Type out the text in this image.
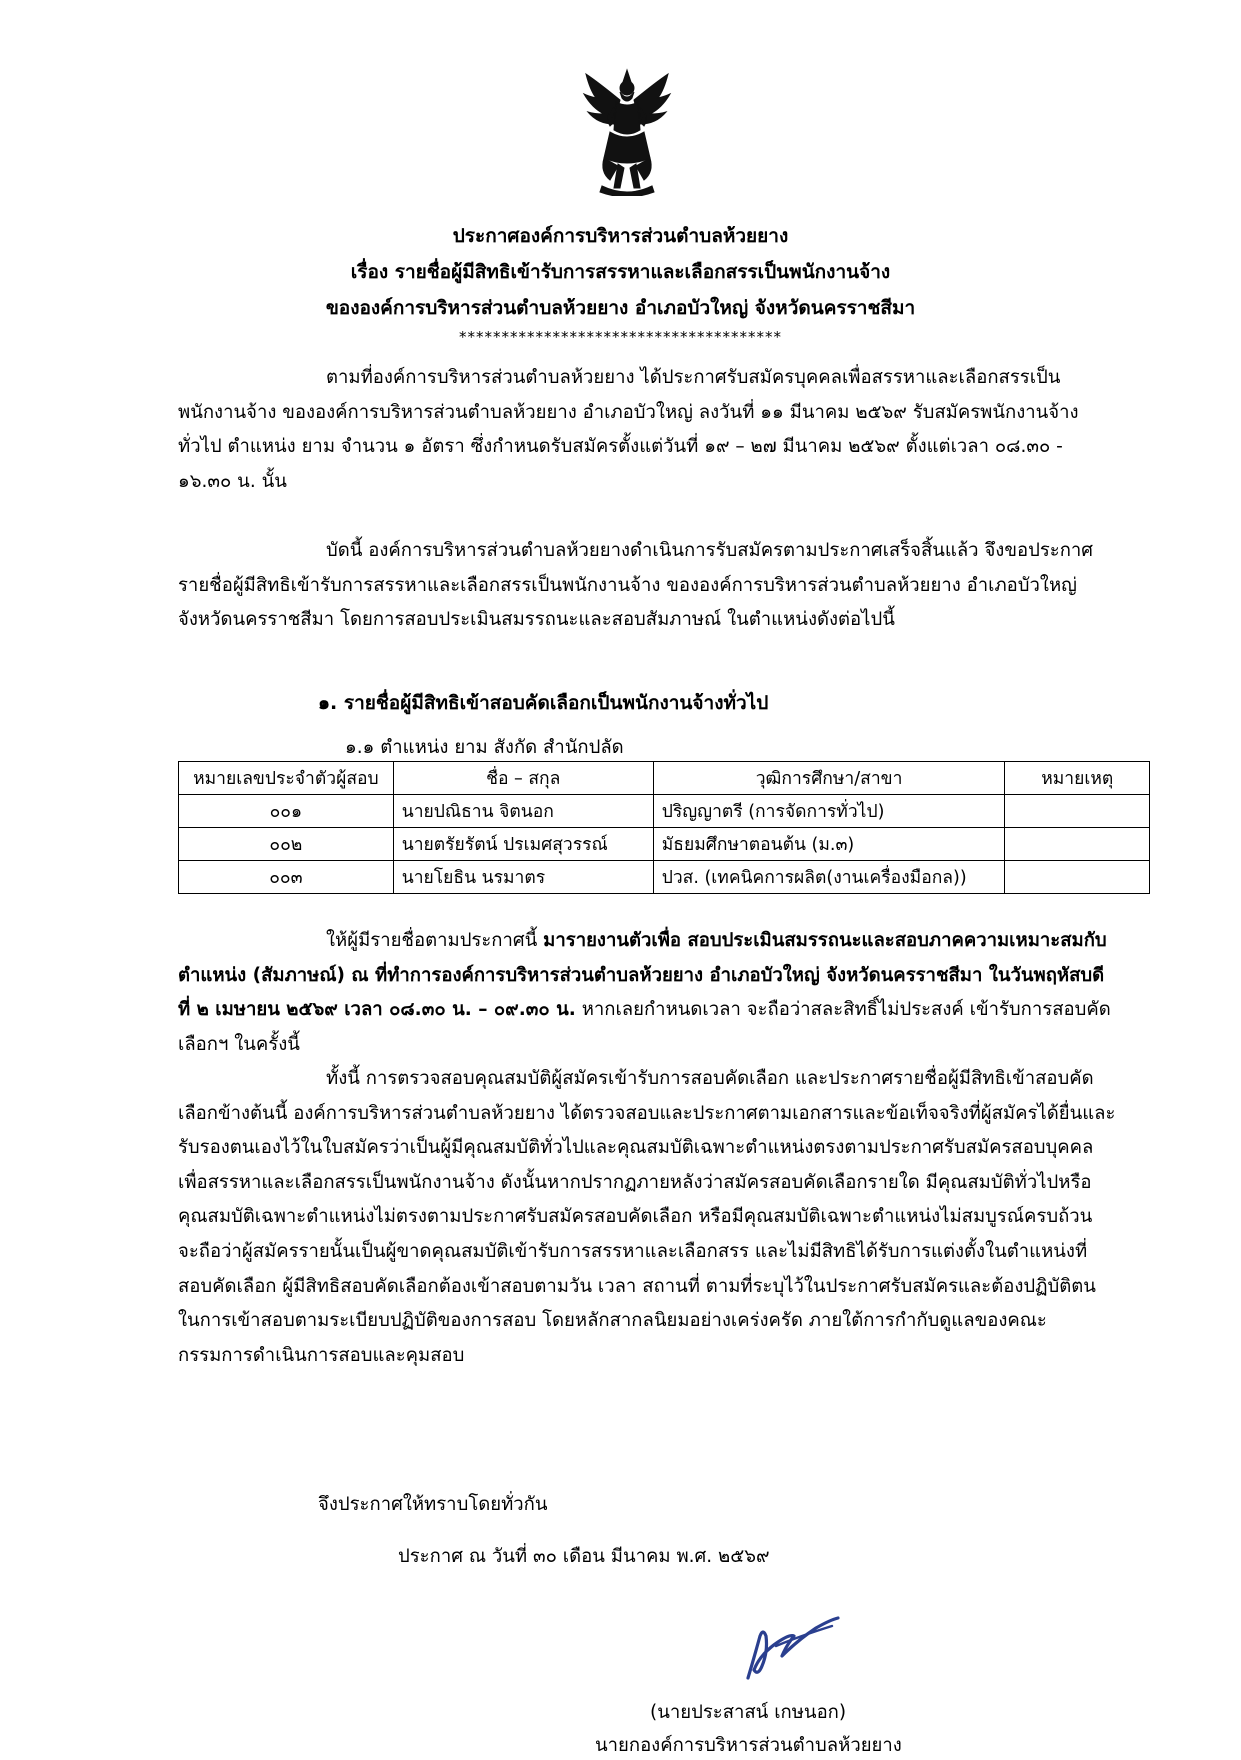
ประกาศองค์การบริหารส่วนตำบลห้วยยาง
เรื่อง รายชื่อผู้มีสิทธิเข้ารับการสรรหาและเลือกสรรเป็นพนักงานจ้าง
ขององค์การบริหารส่วนตำบลห้วยยาง อำเภอบัวใหญ่ จังหวัดนครราชสีมา
**************************************
ตามที่องค์การบริหารส่วนตำบลห้วยยาง ได้ประกาศรับสมัครบุคคลเพื่อสรรหาและเลือกสรรเป็นพนักงานจ้าง ขององค์การบริหารส่วนตำบลห้วยยาง อำเภอบัวใหญ่ ลงวันที่ ๑๑ มีนาคม ๒๕๖๙ รับสมัครพนักงานจ้างทั่วไป ตำแหน่ง ยาม จำนวน ๑ อัตรา ซึ่งกำหนดรับสมัครตั้งแต่วันที่ ๑๙ – ๒๗ มีนาคม ๒๕๖๙ ตั้งแต่เวลา ๐๘.๓๐ - ๑๖.๓๐ น. นั้น
บัดนี้ องค์การบริหารส่วนตำบลห้วยยางดำเนินการรับสมัครตามประกาศเสร็จสิ้นแล้ว จึงขอประกาศรายชื่อผู้มีสิทธิเข้ารับการสรรหาและเลือกสรรเป็นพนักงานจ้าง ขององค์การบริหารส่วนตำบลห้วยยาง อำเภอบัวใหญ่ จังหวัดนครราชสีมา โดยการสอบประเมินสมรรถนะและสอบสัมภาษณ์ ในตำแหน่งดังต่อไปนี้
๑. รายชื่อผู้มีสิทธิเข้าสอบคัดเลือกเป็นพนักงานจ้างทั่วไป
๑.๑ ตำแหน่ง ยาม สังกัด สำนักปลัด
หมายเลขประจำตัวผู้สอบ	ชื่อ – สกุล	วุฒิการศึกษา/สาขา	หมายเหตุ
๐๐๑	นายปณิธาน จิตนอก	ปริญญาตรี (การจัดการทั่วไป)	
๐๐๒	นายตรัยรัตน์ ปรเมศสุวรรณ์	มัธยมศึกษาตอนต้น (ม.๓)	
๐๐๓	นายโยธิน นรมาตร	ปวส. (เทคนิคการผลิต(งานเครื่องมือกล))	
ให้ผู้มีรายชื่อตามประกาศนี้ มารายงานตัวเพื่อ สอบประเมินสมรรถนะและสอบภาคความเหมาะสมกับตำแหน่ง (สัมภาษณ์) ณ ที่ทำการองค์การบริหารส่วนตำบลห้วยยาง อำเภอบัวใหญ่ จังหวัดนครราชสีมา ในวันพฤหัสบดีที่ ๒ เมษายน ๒๕๖๙ เวลา ๐๘.๓๐ น. – ๐๙.๓๐ น. หากเลยกำหนดเวลา จะถือว่าสละสิทธิ์ไม่ประสงค์ เข้ารับการสอบคัดเลือกฯ ในครั้งนี้
ทั้งนี้ การตรวจสอบคุณสมบัติผู้สมัครเข้ารับการสอบคัดเลือก และประกาศรายชื่อผู้มีสิทธิเข้าสอบคัดเลือกข้างต้นนี้ องค์การบริหารส่วนตำบลห้วยยาง ได้ตรวจสอบและประกาศตามเอกสารและข้อเท็จจริงที่ผู้สมัครได้ยื่นและรับรองตนเองไว้ในใบสมัครว่าเป็นผู้มีคุณสมบัติทั่วไปและคุณสมบัติเฉพาะตำแหน่งตรงตามประกาศรับสมัครสอบบุคคลเพื่อสรรหาและเลือกสรรเป็นพนักงานจ้าง ดังนั้นหากปรากฏภายหลังว่าสมัครสอบคัดเลือกรายใด มีคุณสมบัติทั่วไปหรือคุณสมบัติเฉพาะตำแหน่งไม่ตรงตามประกาศรับสมัครสอบคัดเลือก หรือมีคุณสมบัติเฉพาะตำแหน่งไม่สมบูรณ์ครบถ้วน จะถือว่าผู้สมัครรายนั้นเป็นผู้ขาดคุณสมบัติเข้ารับการสรรหาและเลือกสรร และไม่มีสิทธิได้รับการแต่งตั้งในตำแหน่งที่สอบคัดเลือก ผู้มีสิทธิสอบคัดเลือกต้องเข้าสอบตามวัน เวลา สถานที่ ตามที่ระบุไว้ในประกาศรับสมัครและต้องปฏิบัติตนในการเข้าสอบตามระเบียบปฏิบัติของการสอบ โดยหลักสากลนิยมอย่างเคร่งครัด ภายใต้การกำกับดูแลของคณะกรรมการดำเนินการสอบและคุมสอบ
จึงประกาศให้ทราบโดยทั่วกัน
ประกาศ ณ วันที่ ๓๐ เดือน มีนาคม พ.ศ. ๒๕๖๙
(นายประสาสน์ เกษนอก)
นายกองค์การบริหารส่วนตำบลห้วยยาง
